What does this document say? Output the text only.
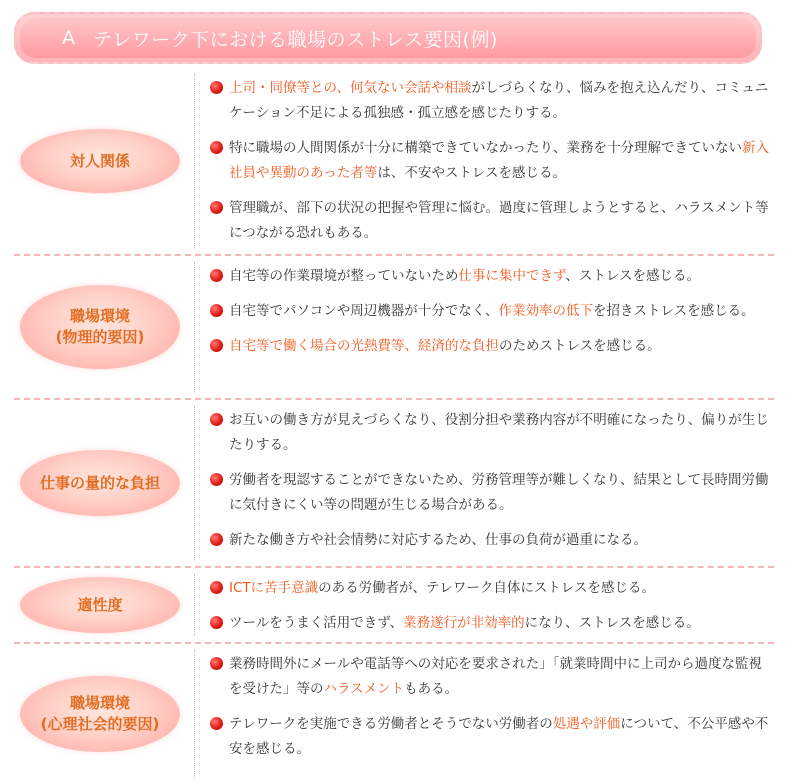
A テレワーク下における職場のストレス要因(例)
対人関係
上司・同僚等との、何気ない会話や相談がしづらくなり、悩みを抱え込んだり、コミュニケーション不足による孤独感・孤立感を感じたりする。
特に職場の人間関係が十分に構築できていなかったり、業務を十分理解できていない新入社員や異動のあった者等は、不安やストレスを感じる。
管理職が、部下の状況の把握や管理に悩む。過度に管理しようとすると、ハラスメント等につながる恐れもある。
職場環境
(物理的要因)
自宅等の作業環境が整っていないため仕事に集中できず、ストレスを感じる。
自宅等でパソコンや周辺機器が十分でなく、作業効率の低下を招きストレスを感じる。
自宅等で働く場合の光熱費等、経済的な負担のためストレスを感じる。
仕事の量的な負担
お互いの働き方が見えづらくなり、役割分担や業務内容が不明確になったり、偏りが生じたりする。
労働者を現認することができないため、労務管理等が難しくなり、結果として長時間労働に気付きにくい等の問題が生じる場合がある。
新たな働き方や社会情勢に対応するため、仕事の負荷が過重になる。
適性度
ICTに苦手意識のある労働者が、テレワーク自体にストレスを感じる。
ツールをうまく活用できず、業務遂行が非効率的になり、ストレスを感じる。
職場環境
(心理社会的要因)
業務時間外にメールや電話等への対応を要求された」「就業時間中に上司から過度な監視を受けた」等のハラスメントもある。
テレワークを実施できる労働者とそうでない労働者の処遇や評価について、不公平感や不安を感じる。
